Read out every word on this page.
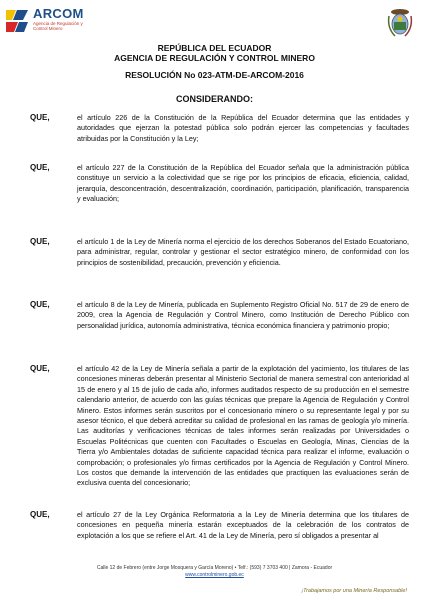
ARCOM
Agencia de Regulación y Control Minero
REPÚBLICA DEL ECUADOR
AGENCIA DE REGULACIÓN Y CONTROL MINERO
RESOLUCIÓN No 023-ATM-DE-ARCOM-2016
CONSIDERANDO:
QUE,	el artículo 226 de la Constitución de la República del Ecuador determina que las entidades y autoridades que ejerzan la potestad pública solo podrán ejercer las competencias y facultades atribuidas por la Constitución y la Ley;

QUE,	el artículo 227 de la Constitución de la República del Ecuador señala que la administración pública constituye un servicio a la colectividad que se rige por los principios de eficacia, eficiencia, calidad, jerarquía, desconcentración, descentralización, coordinación, participación, planificación, transparencia y evaluación;

QUE,	el artículo 1 de la Ley de Minería norma el ejercicio de los derechos Soberanos del Estado Ecuatoriano, para administrar, regular, controlar y gestionar el sector estratégico minero, de conformidad con los principios de sostenibilidad, precaución, prevención y eficiencia.

QUE,	el artículo 8 de la Ley de Minería, publicada en Suplemento Registro Oficial No. 517 de 29 de enero de 2009, crea la Agencia de Regulación y Control Minero, como Institución de Derecho Público con personalidad jurídica, autonomía administrativa, técnica económica financiera y patrimonio propio;

QUE,	el artículo 42 de la Ley de Minería señala a partir de la explotación del yacimiento, los titulares de las concesiones mineras deberán presentar al Ministerio Sectorial de manera semestral con anterioridad al 15 de enero y al 15 de julio de cada año, informes auditados respecto de su producción en el semestre calendario anterior, de acuerdo con las guías técnicas que prepare la Agencia de Regulación y Control Minero. Estos informes serán suscritos por el concesionario minero o su representante legal y por su asesor técnico, el que deberá acreditar su calidad de profesional en las ramas de geología y/o minería. Las auditorías y verificaciones técnicas de tales informes serán realizadas por Universidades o Escuelas Politécnicas que cuenten con Facultades o Escuelas en Geología, Minas, Ciencias de la Tierra y/o Ambientales dotadas de suficiente capacidad técnica para realizar el informe, evaluación o comprobación; o profesionales y/o firmas certificados por la Agencia de Regulación y Control Minero. Los costos que demande la intervención de las entidades que practiquen las evaluaciones serán de exclusiva cuenta del concesionario;

QUE,	el artículo 27 de la Ley Orgánica Reformatoria a la Ley de Minería determina que los titulares de concesiones en pequeña minería estarán exceptuados de la celebración de los contratos de explotación a los que se refiere el Art. 41 de la Ley de Minería, pero sí obligados a presentar al

Calle 12 de Febrero (entre Jorge Mosquera y García Moreno) • Telf.: (593) 7 3703 400 | Zamora - Ecuador
www.controlminero.gob.ec
¡Trabajamos por una Minería Responsable!
